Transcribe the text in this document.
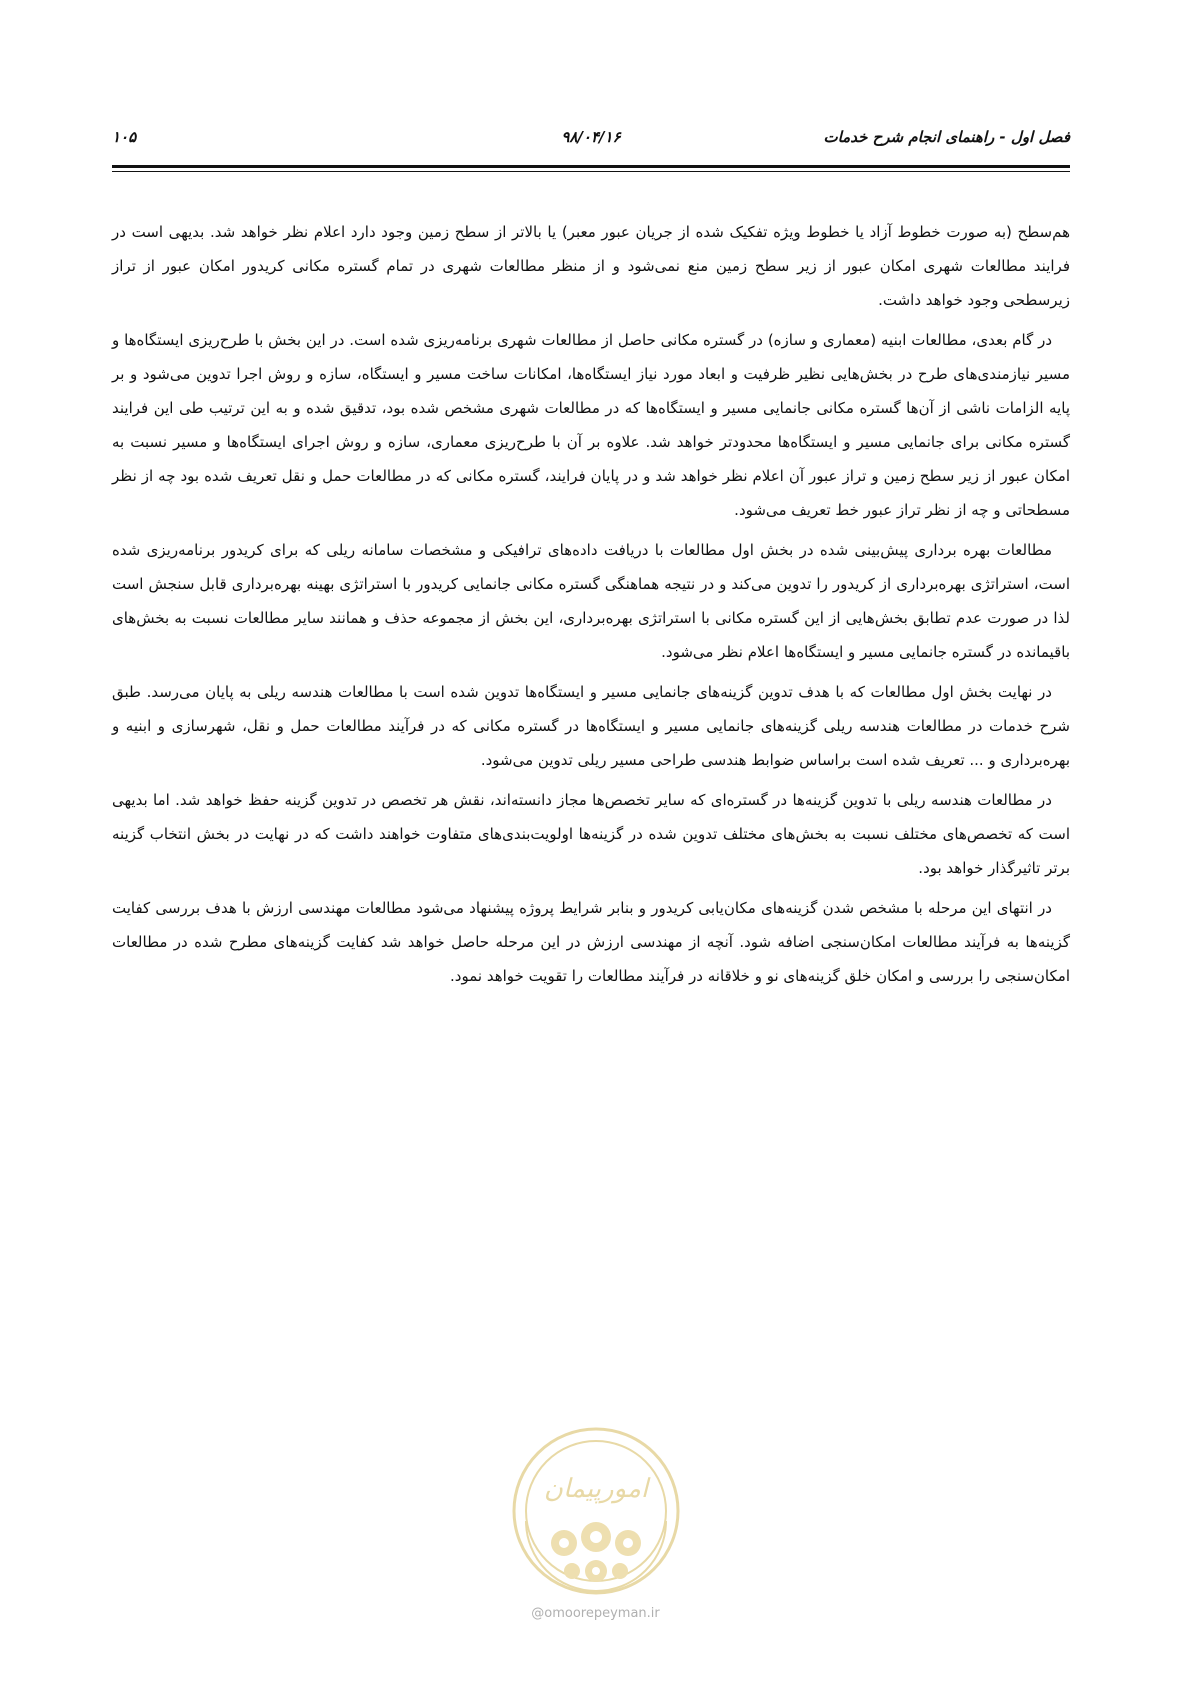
فصل اول - راهنمای انجام شرح خدمات
۹۸/۰۴/۱۶
۱۰۵

هم‌سطح (به صورت خطوط آزاد یا خطوط ویژه تفکیک شده از جریان عبور معبر) یا بالاتر از سطح زمین وجود دارد اعلام نظر خواهد شد. بدیهی است در فرایند مطالعات شهری امکان عبور از زیر سطح زمین منع نمی‌شود و از منظر مطالعات شهری در تمام گستره مکانی کریدور امکان عبور از تراز زیرسطحی وجود خواهد داشت.

در گام بعدی، مطالعات ابنیه (معماری و سازه) در گستره مکانی حاصل از مطالعات شهری برنامه‌ریزی شده است. در این بخش با طرح‌ریزی ایستگاه‌ها و مسیر نیازمندی‌های طرح در بخش‌هایی نظیر ظرفیت و ابعاد مورد نیاز ایستگاه‌ها، امکانات ساخت مسیر و ایستگاه، سازه و روش اجرا تدوین می‌شود و بر پایه الزامات ناشی از آن‌ها گستره مکانی جانمایی مسیر و ایستگاه‌ها که در مطالعات شهری مشخص شده بود، تدقیق شده و به این ترتیب طی این فرایند گستره مکانی برای جانمایی مسیر و ایستگاه‌ها محدودتر خواهد شد. علاوه بر آن با طرح‌ریزی معماری، سازه و روش اجرای ایستگاه‌ها و مسیر نسبت به امکان عبور از زیر سطح زمین و تراز عبور آن اعلام نظر خواهد شد و در پایان فرایند، گستره مکانی که در مطالعات حمل و نقل تعریف شده بود چه از نظر مسطحاتی و چه از نظر تراز عبور خط تعریف می‌شود.

مطالعات بهره برداری پیش‌بینی شده در بخش اول مطالعات با دریافت داده‌های ترافیکی و مشخصات سامانه ریلی که برای کریدور برنامه‌ریزی شده است، استراتژی بهره‌برداری از کریدور را تدوین می‌کند و در نتیجه هماهنگی گستره مکانی جانمایی کریدور با استراتژی بهینه بهره‌برداری قابل سنجش است لذا در صورت عدم تطابق بخش‌هایی از این گستره مکانی با استراتژی بهره‌برداری، این بخش از مجموعه حذف و همانند سایر مطالعات نسبت به بخش‌های باقیمانده در گستره جانمایی مسیر و ایستگاه‌ها اعلام نظر می‌شود.

در نهایت بخش اول مطالعات که با هدف تدوین گزینه‌های جانمایی مسیر و ایستگاه‌ها تدوین شده است با مطالعات هندسه ریلی به پایان می‌رسد. طبق شرح خدمات در مطالعات هندسه ریلی گزینه‌های جانمایی مسیر و ایستگاه‌ها در گستره مکانی که در فرآیند مطالعات حمل و نقل، شهرسازی و ابنیه و بهره‌برداری و ... تعریف شده است براساس ضوابط هندسی طراحی مسیر ریلی تدوین می‌شود.

در مطالعات هندسه ریلی با تدوین گزینه‌ها در گستره‌ای که سایر تخصص‌ها مجاز دانسته‌اند، نقش هر تخصص در تدوین گزینه حفظ خواهد شد. اما بدیهی است که تخصص‌های مختلف نسبت به بخش‌های مختلف تدوین شده در گزینه‌ها اولویت‌بندی‌های متفاوت خواهند داشت که در نهایت در بخش انتخاب گزینه برتر تاثیرگذار خواهد بود.

در انتهای این مرحله با مشخص شدن گزینه‌های مکان‌یابی کریدور و بنابر شرایط پروژه پیشنهاد می‌شود مطالعات مهندسی ارزش با هدف بررسی کفایت گزینه‌ها به فرآیند مطالعات امکان‌سنجی اضافه شود. آنچه از مهندسی ارزش در این مرحله حاصل خواهد شد کفایت گزینه‌های مطرح شده در مطالعات امکان‌سنجی را بررسی و امکان خلق گزینه‌های نو و خلاقانه در فرآیند مطالعات را تقویت خواهد نمود.

امورپیمان
@omoorepeyman.ir
